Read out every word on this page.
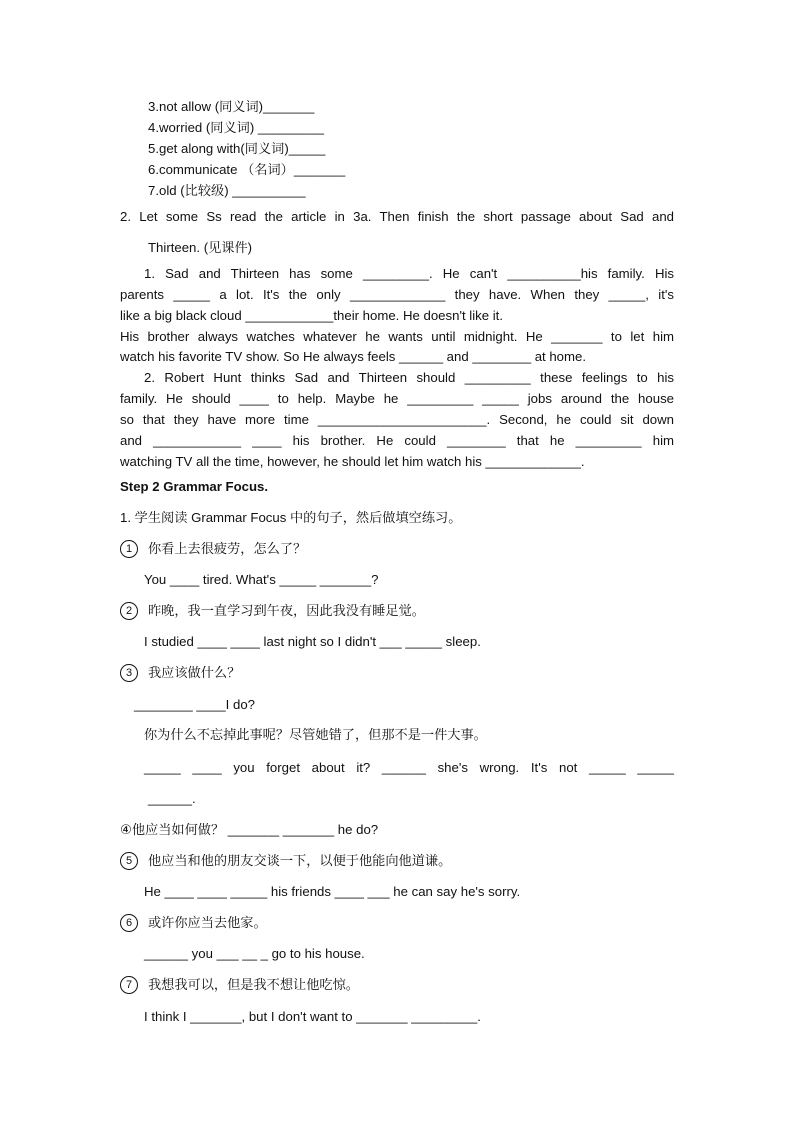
3.not allow (同义词)_______
4.worried (同义词) _________
5.get along with(同义词)_____
6.communicate （名词）_______
7.old (比较级) __________
2. Let some Ss read the article in 3a. Then finish the short passage about Sad and
Thirteen. (见课件)
1. Sad and Thirteen has some _________. He can't __________his family. His
parents _____ a lot. It's the only _____________ they have. When they _____, it's
like a big black cloud ____________their home. He doesn't like it.
His brother always watches whatever he wants until midnight. He _______ to let him
watch his favorite TV show. So He always feels ______ and ________ at home.
2. Robert Hunt thinks Sad and Thirteen should _________ these feelings to his
family. He should ____ to help. Maybe he _________ _____ jobs around the house
so that they have more time _______________________. Second, he could sit down
and ____________ ____ his brother. He could ________ that he _________ him
watching TV all the time, however, he should let him watch his _____________.
Step 2 Grammar Focus.
1. 学生阅读 Grammar Focus 中的句子，然后做填空练习。
1 你看上去很疲劳，怎么了？
You ____ tired. What's _____ _______?
2 昨晚，我一直学习到午夜，因此我没有睡足觉。
I studied ____ ____ last night so I didn't ___ _____ sleep.
3 我应该做什么？
________ ____I do?
你为什么不忘掉此事呢？尽管她错了，但那不是一件大事。
_____ ____ you forget about it? ______ she's wrong. It's not _____ _____
______.
④他应当如何做？ _______ _______ he do?
5 他应当和他的朋友交谈一下，以便于他能向他道谦。
He ____ ____ _____ his friends ____ ___ he can say he's sorry.
6 或许你应当去他家。
______ you ___ __ _ go to his house.
7 我想我可以，但是我不想让他吃惊。
I think I _______, but I don't want to _______ _________.
